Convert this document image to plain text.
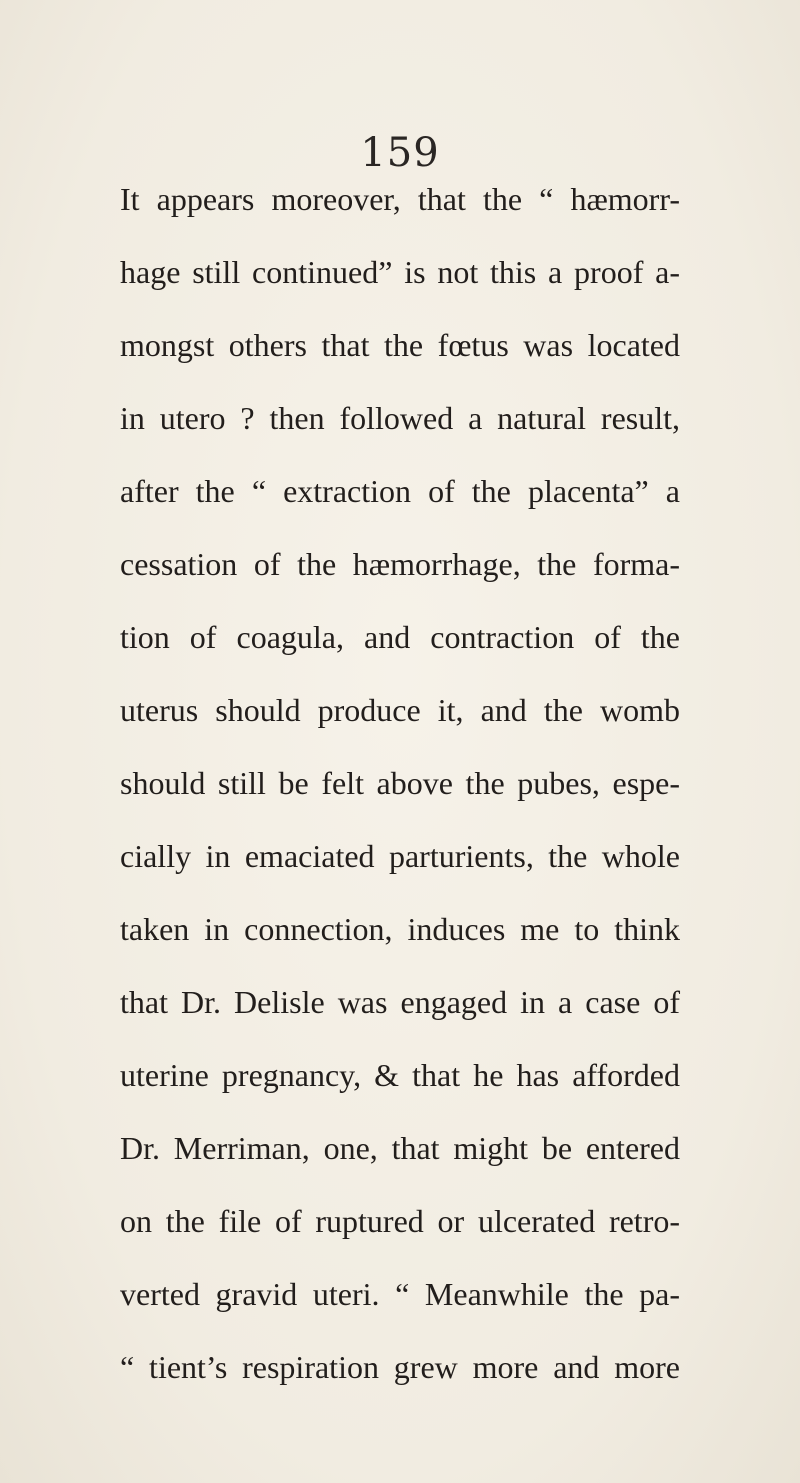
159
It appears moreover, that the “ hæmorr-
hage still continued” is not this a proof a-
mongst others that the fœtus was located
in utero ? then followed a natural result,
after the “ extraction of the placenta” a
cessation of the hæmorrhage, the forma-
tion of coagula, and contraction of the
uterus should produce it, and the womb
should still be felt above the pubes, espe-
cially in emaciated parturients, the whole
taken in connection, induces me to think
that Dr. Delisle was engaged in a case of
uterine pregnancy, & that he has afforded
Dr. Merriman, one, that might be entered
on the file of ruptured or ulcerated retro-
verted gravid uteri. “ Meanwhile the pa-
“ tient’s respiration grew more and more
